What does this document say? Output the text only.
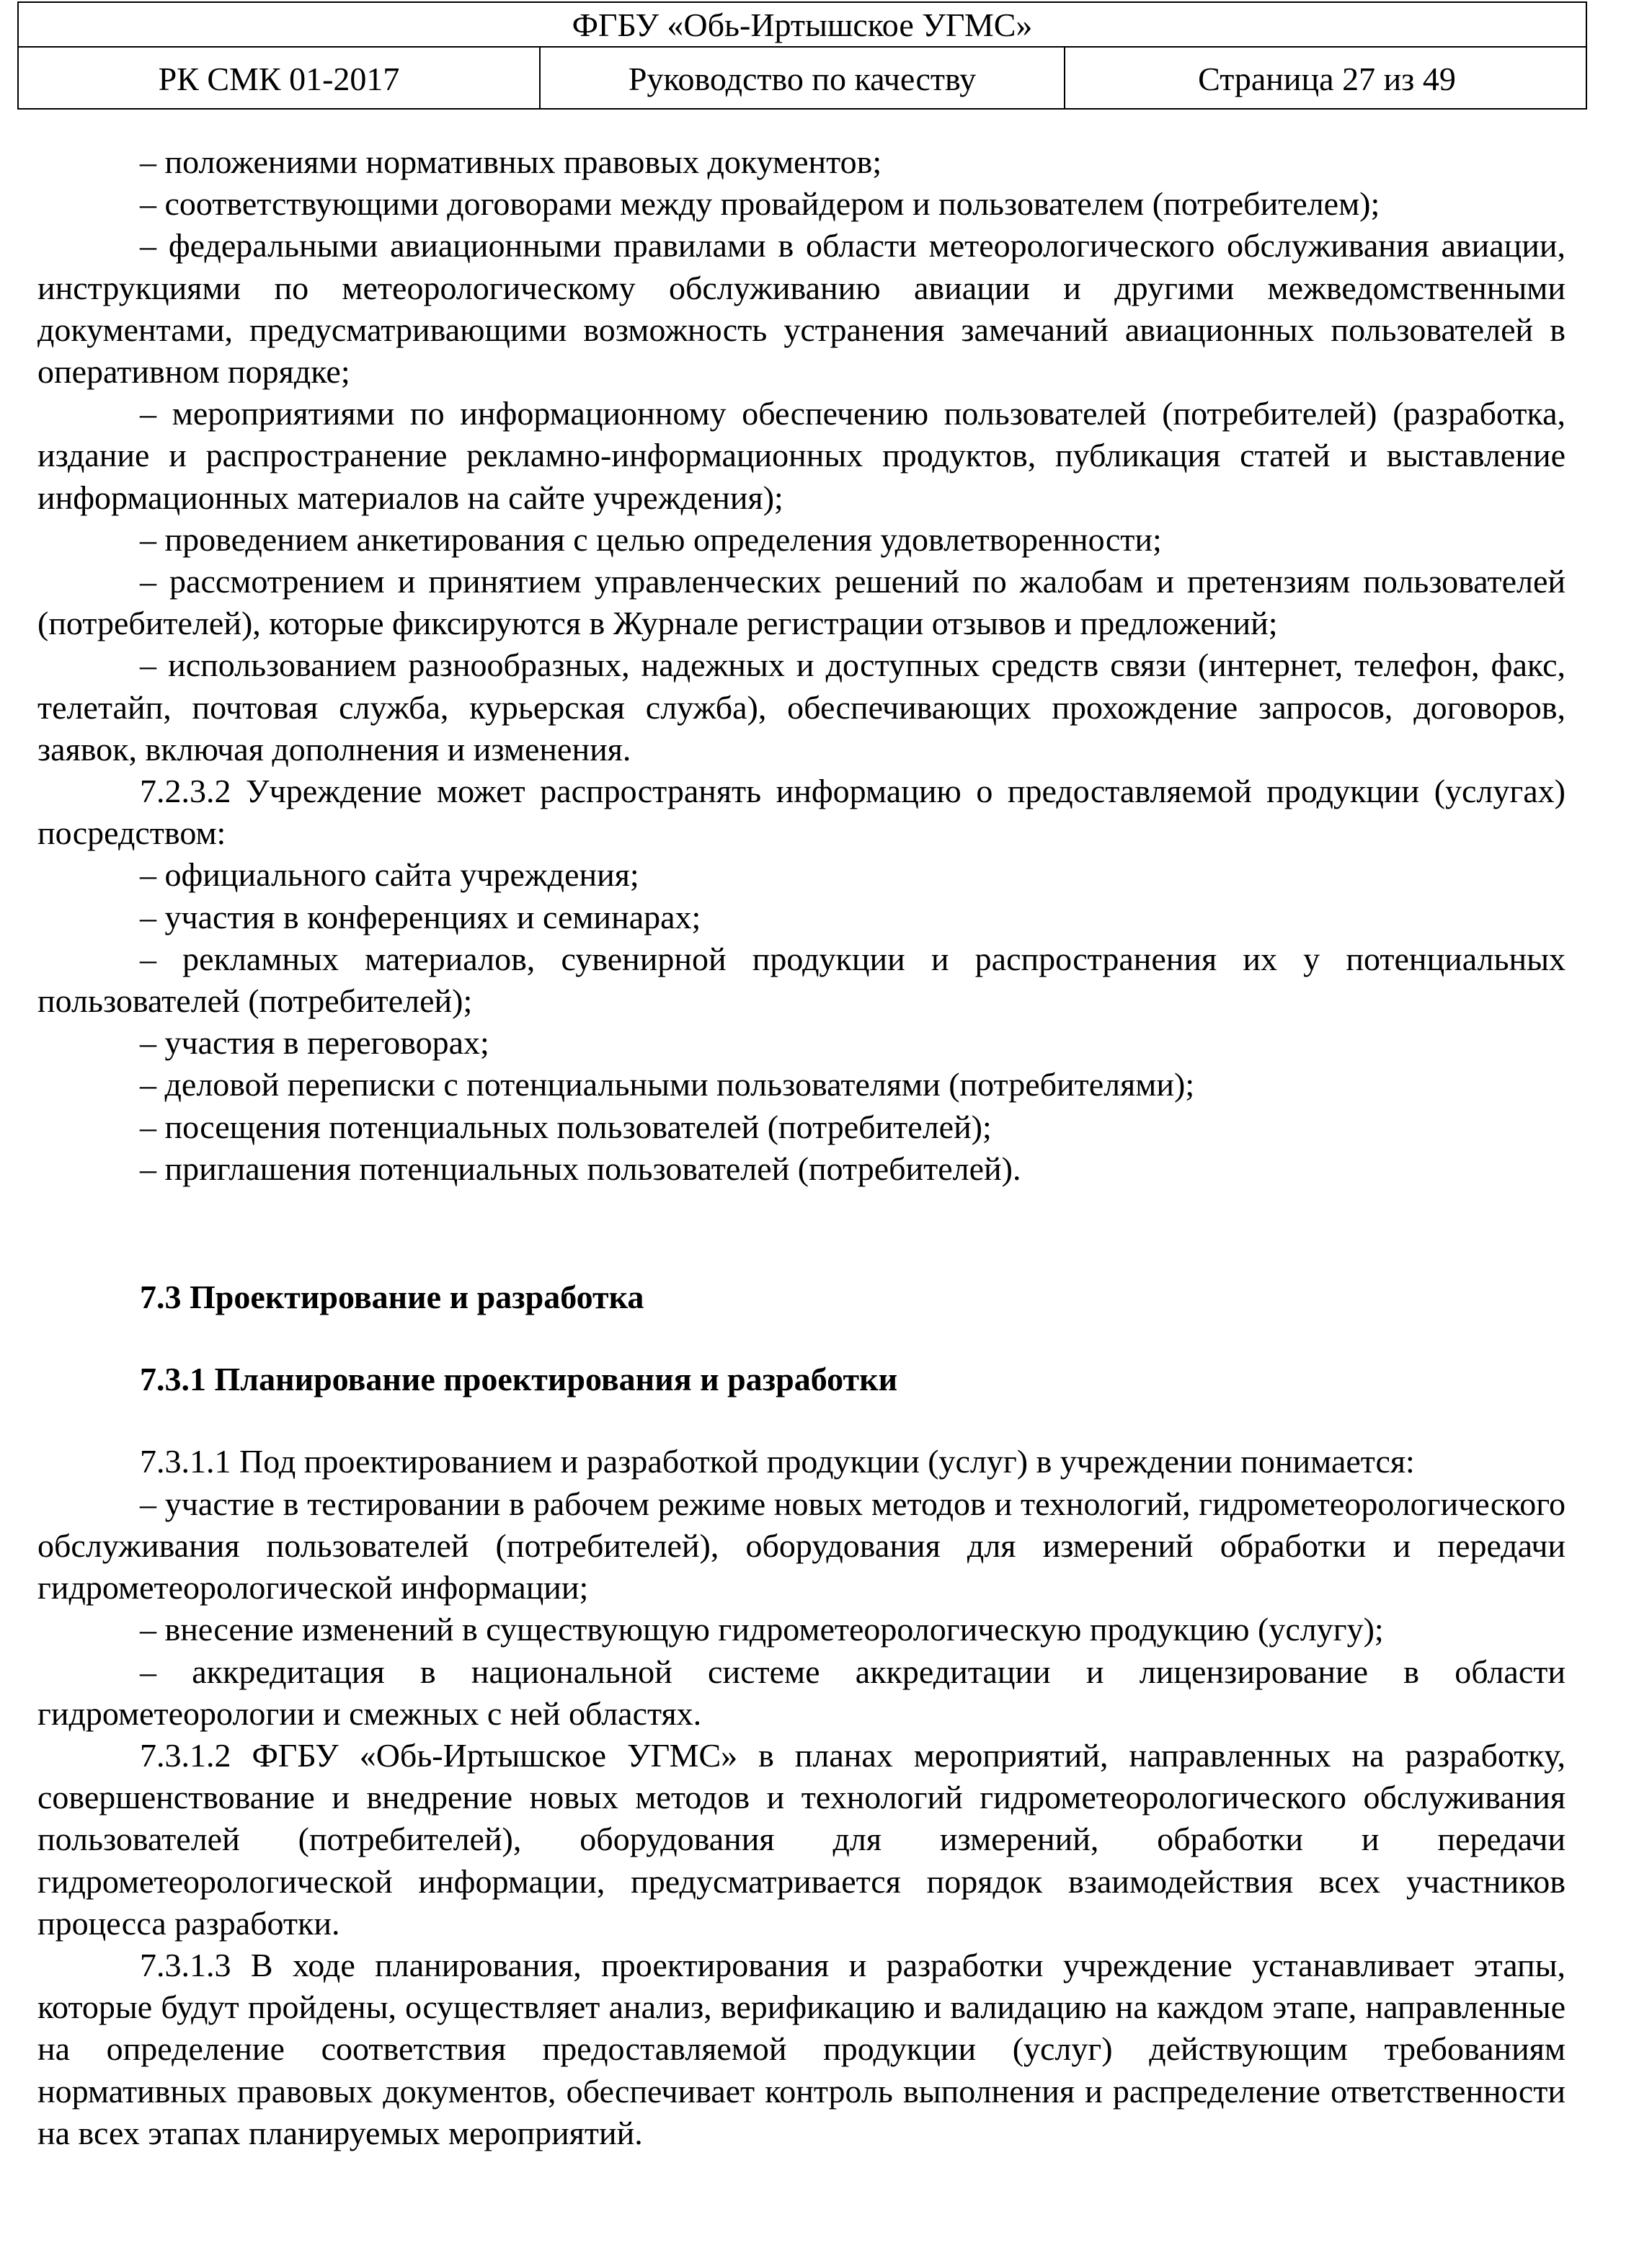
ФГБУ «Обь-Иртышское УГМС»
РК СМК 01-2017	Руководство по качеству	Страница 27 из 49

– положениями нормативных правовых документов;

– соответствующими договорами между провайдером и пользователем (потребителем);

– федеральными авиационными правилами в области метеорологического обслуживания авиации, инструкциями по метеорологическому обслуживанию авиации и другими межведомственными документами, предусматривающими возможность устранения замечаний авиационных пользователей в оперативном порядке;

– мероприятиями по информационному обеспечению пользователей (потребителей) (разработка, издание и распространение рекламно-информационных продуктов, публикация статей и выставление информационных материалов на сайте учреждения);

– проведением анкетирования с целью определения удовлетворенности;

– рассмотрением и принятием управленческих решений по жалобам и претензиям пользователей (потребителей), которые фиксируются в Журнале регистрации отзывов и предложений;

– использованием разнообразных, надежных и доступных средств связи (интернет, телефон, факс, телетайп, почтовая служба, курьерская служба), обеспечивающих прохождение запросов, договоров, заявок, включая дополнения и изменения.

7.2.3.2 Учреждение может распространять информацию о предоставляемой продукции (услугах) посредством:

– официального сайта учреждения;

– участия в конференциях и семинарах;

– рекламных материалов, сувенирной продукции и распространения их у потенциальных пользователей (потребителей);

– участия в переговорах;

– деловой переписки с потенциальными пользователями (потребителями);

– посещения потенциальных пользователей (потребителей);

– приглашения потенциальных пользователей (потребителей).

7.3 Проектирование и разработка

7.3.1 Планирование проектирования и разработки

7.3.1.1 Под проектированием и разработкой продукции (услуг) в учреждении понимается:

– участие в тестировании в рабочем режиме новых методов и технологий, гидрометеорологического обслуживания пользователей (потребителей), оборудования для измерений обработки и передачи гидрометеорологической информации;

– внесение изменений в существующую гидрометеорологическую продукцию (услугу);

– аккредитация в национальной системе аккредитации и лицензирование в области гидрометеорологии и смежных с ней областях.

7.3.1.2 ФГБУ «Обь-Иртышское УГМС» в планах мероприятий, направленных на разработку, совершенствование и внедрение новых методов и технологий гидрометеорологического обслуживания пользователей (потребителей), оборудования для измерений, обработки и передачи гидрометеорологической информации, предусматривается порядок взаимодействия всех участников процесса разработки.

7.3.1.3 В ходе планирования, проектирования и разработки учреждение устанавливает этапы, которые будут пройдены, осуществляет анализ, верификацию и валидацию на каждом этапе, направленные на определение соответствия предоставляемой продукции (услуг) действующим требованиям нормативных правовых документов, обеспечивает контроль выполнения и распределение ответственности на всех этапах планируемых мероприятий.
